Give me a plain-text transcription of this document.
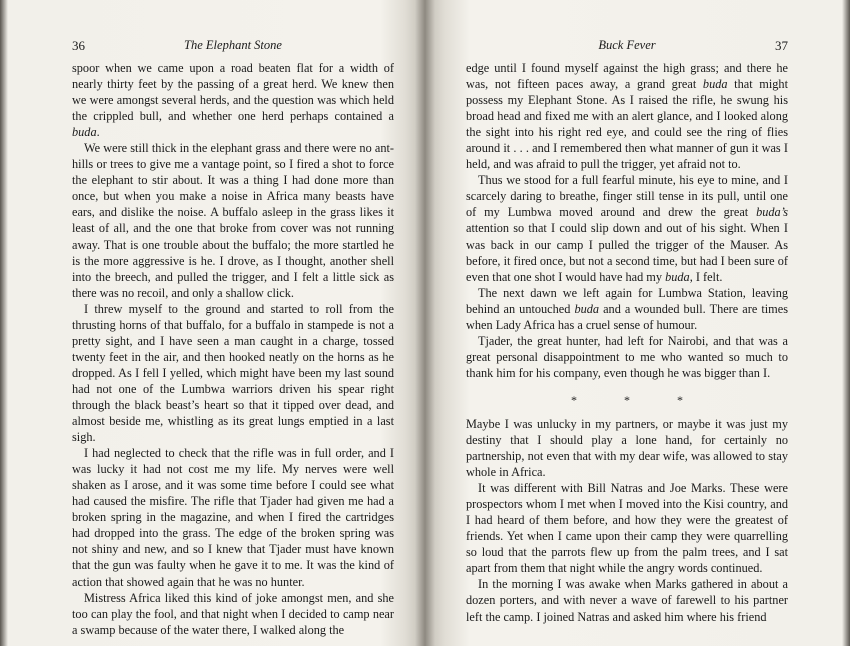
36	The Elephant Stone

spoor when we came upon a road beaten flat for a width of nearly thirty feet by the passing of a great herd. We knew then we were amongst several herds, and the question was which held the crippled bull, and whether one herd perhaps contained a buda.

We were still thick in the elephant grass and there were no ant-hills or trees to give me a vantage point, so I fired a shot to force the elephant to stir about. It was a thing I had done more than once, but when you make a noise in Africa many beasts have ears, and dislike the noise. A buffalo asleep in the grass likes it least of all, and the one that broke from cover was not running away. That is one trouble about the buffalo; the more startled he is the more aggressive is he. I drove, as I thought, another shell into the breech, and pulled the trigger, and I felt a little sick as there was no recoil, and only a shallow click.

I threw myself to the ground and started to roll from the thrusting horns of that buffalo, for a buffalo in stampede is not a pretty sight, and I have seen a man caught in a charge, tossed twenty feet in the air, and then hooked neatly on the horns as he dropped. As I fell I yelled, which might have been my last sound had not one of the Lumbwa warriors driven his spear right through the black beast’s heart so that it tipped over dead, and almost beside me, whistling as its great lungs emptied in a last sigh.

I had neglected to check that the rifle was in full order, and I was lucky it had not cost me my life. My nerves were well shaken as I arose, and it was some time before I could see what had caused the misfire. The rifle that Tjader had given me had a broken spring in the magazine, and when I fired the cartridges had dropped into the grass. The edge of the broken spring was not shiny and new, and so I knew that Tjader must have known that the gun was faulty when he gave it to me. It was the kind of action that showed again that he was no hunter.

Mistress Africa liked this kind of joke amongst men, and she too can play the fool, and that night when I decided to camp near a swamp because of the water there, I walked along the

Buck Fever	37

edge until I found myself against the high grass; and there he was, not fifteen paces away, a grand great buda that might possess my Elephant Stone. As I raised the rifle, he swung his broad head and fixed me with an alert glance, and I looked along the sight into his right red eye, and could see the ring of flies around it . . . and I remembered then what manner of gun it was I held, and was afraid to pull the trigger, yet afraid not to.

Thus we stood for a full fearful minute, his eye to mine, and I scarcely daring to breathe, finger still tense in its pull, until one of my Lumbwa moved around and drew the great buda’s attention so that I could slip down and out of his sight. When I was back in our camp I pulled the trigger of the Mauser. As before, it fired once, but not a second time, but had I been sure of even that one shot I would have had my buda, I felt.

The next dawn we left again for Lumbwa Station, leaving behind an untouched buda and a wounded bull. There are times when Lady Africa has a cruel sense of humour.

Tjader, the great hunter, had left for Nairobi, and that was a great personal disappointment to me who wanted so much to thank him for his company, even though he was bigger than I.

* * *

Maybe I was unlucky in my partners, or maybe it was just my destiny that I should play a lone hand, for certainly no partnership, not even that with my dear wife, was allowed to stay whole in Africa.

It was different with Bill Natras and Joe Marks. These were prospectors whom I met when I moved into the Kisi country, and I had heard of them before, and how they were the greatest of friends. Yet when I came upon their camp they were quarrelling so loud that the parrots flew up from the palm trees, and I sat apart from them that night while the angry words continued.

In the morning I was awake when Marks gathered in about a dozen porters, and with never a wave of farewell to his partner left the camp. I joined Natras and asked him where his friend
